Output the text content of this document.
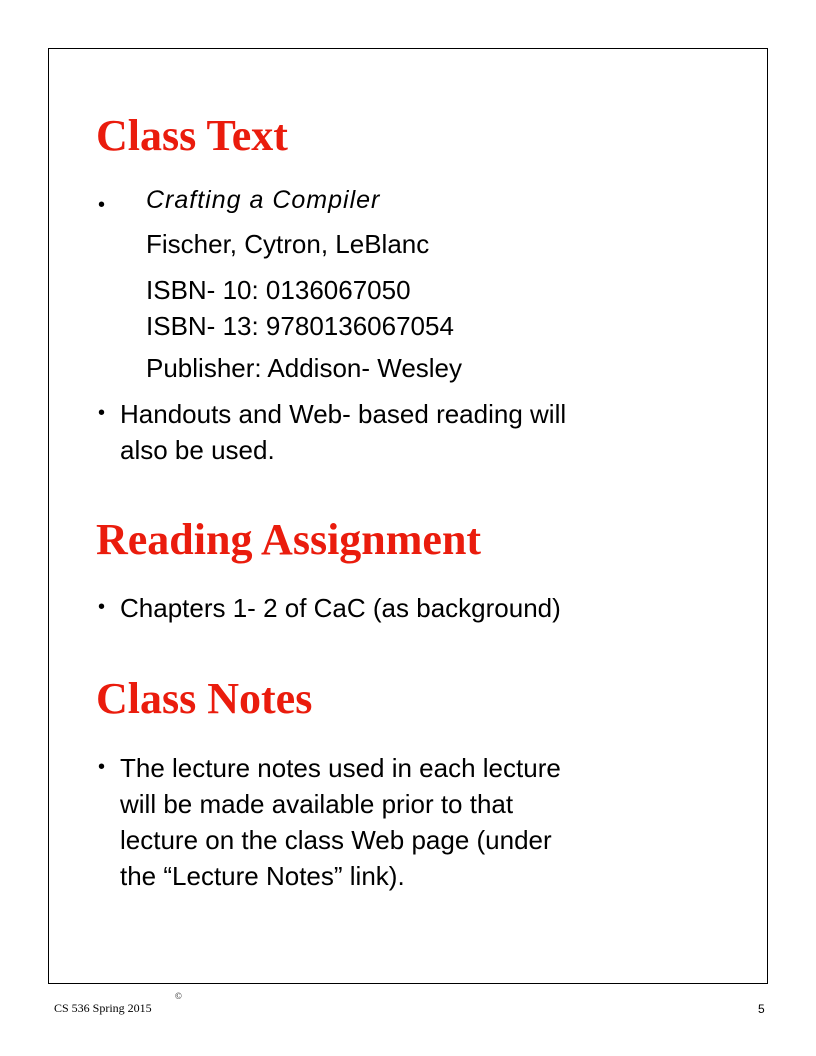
Class Text
• Crafting a Compiler
Fischer, Cytron, LeBlanc
ISBN- 10: 0136067050
ISBN- 13: 9780136067054
Publisher: Addison- Wesley
• Handouts and Web- based reading will
also be used.
Reading Assignment
• Chapters 1- 2 of CaC (as background)
Class Notes
• The lecture notes used in each lecture
will be made available prior to that
lecture on the class Web page (under
the “Lecture Notes” link).
CS 536 Spring 2015
©
5
